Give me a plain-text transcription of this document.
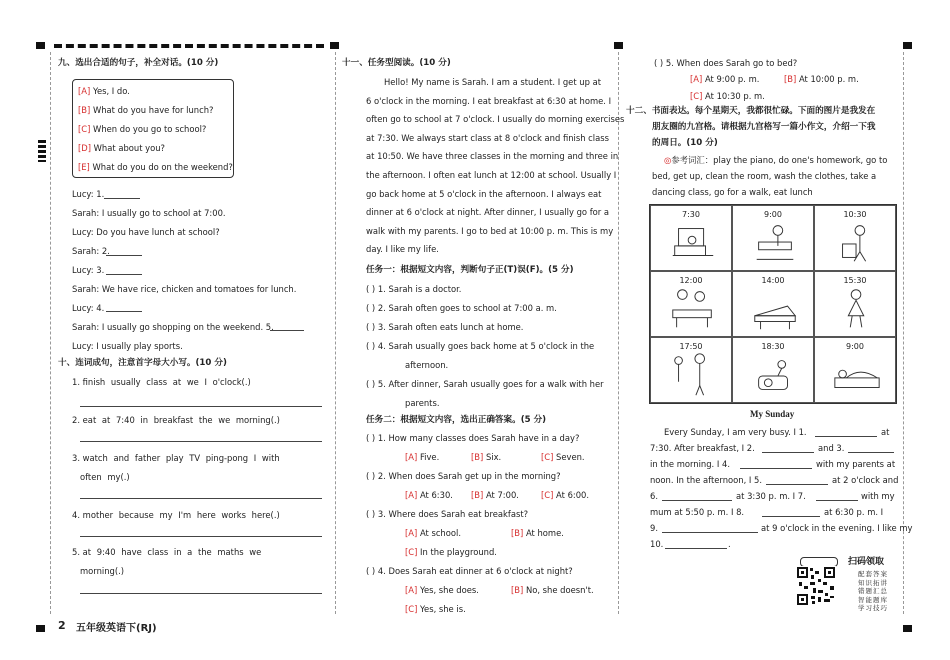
九、选出合适的句子，补全对话。(10 分)
[A] Yes, I do.
[B] What do you have for lunch?
[C] When do you go to school?
[D] What about you?
[E] What do you do on the weekend?
Lucy: 1.
Sarah: I usually go to school at 7:00.
Lucy: Do you have lunch at school?
Sarah: 2.
Lucy: 3.
Sarah: We have rice, chicken and tomatoes for lunch.
Lucy: 4.
Sarah: I usually go shopping on the weekend. 5.
Lucy: I usually play sports.
十、连词成句，注意首字母大小写。(10 分)
1. finish usually class at we I o'clock(.)
2. eat at 7:40 in breakfast the we morning(.)
3. watch and father play TV ping-pong I with
often my(.)
4. mother because my I'm here works here(.)
5. at 9:40 have class in a the maths we
morning(.)
十一、任务型阅读。(10 分)
Hello! My name is Sarah. I am a student. I get up at
6 o'clock in the morning. I eat breakfast at 6:30 at home. I
often go to school at 7 o'clock. I usually do morning exercises
at 7:30. We always start class at 8 o'clock and finish class
at 10:50. We have three classes in the morning and three in
the afternoon. I often eat lunch at 12:00 at school. Usually I
go back home at 5 o'clock in the afternoon. I always eat
dinner at 6 o'clock at night. After dinner, I usually go for a
walk with my parents. I go to bed at 10:00 p. m. This is my
day. I like my life.
任务一：根据短文内容，判断句子正(T)误(F)。(5 分)
( ) 1. Sarah is a doctor.
( ) 2. Sarah often goes to school at 7:00 a. m.
( ) 3. Sarah often eats lunch at home.
( ) 4. Sarah usually goes back home at 5 o'clock in the
afternoon.
( ) 5. After dinner, Sarah usually goes for a walk with her
parents.
任务二：根据短文内容，选出正确答案。(5 分)
( ) 1. How many classes does Sarah have in a day?
[A] Five.	[B] Six.	[C] Seven.
( ) 2. When does Sarah get up in the morning?
[A] At 6:30. [B] At 7:00.	[C] At 6:00.
( ) 3. Where does Sarah eat breakfast?
[A] At school.	[B] At home.
[C] In the playground.
( ) 4. Does Sarah eat dinner at 6 o'clock at night?
[A] Yes, she does.	[B] No, she doesn't.
[C] Yes, she is.
( ) 5. When does Sarah go to bed?
[A] At 9:00 p. m.	[B] At 10:00 p. m.
[C] At 10:30 p. m.
十二、书面表达。每个星期天，我都很忙碌。下面的图片是我发在
朋友圈的九宫格。请根据九宫格写一篇小作文，介绍一下我
的周日。(10 分)
◎参考词汇：play the piano, do one's homework, go to
bed, get up, clean the room, wash the clothes, take a
dancing class, go for a walk, eat lunch
7:30	9:00	10:30
12:00	14:00	15:30
17:50	18:30	9:00
My Sunday
Every Sunday, I am very busy. I 1.	at
7:30. After breakfast, I 2.	and 3.
in the morning. I 4.	with my parents at
noon. In the afternoon, I 5.	at 2 o'clock and
6.	at 3:30 p. m. I 7.	with my
mum at 5:50 p. m. I 8.	at 6:30 p. m. I
9.	at 9 o'clock in the evening. I like my
10.	.
扫码领取
配套答案
知识拓讲
错题汇总
智能题库
学习技巧
2 五年级英语下(RJ)
